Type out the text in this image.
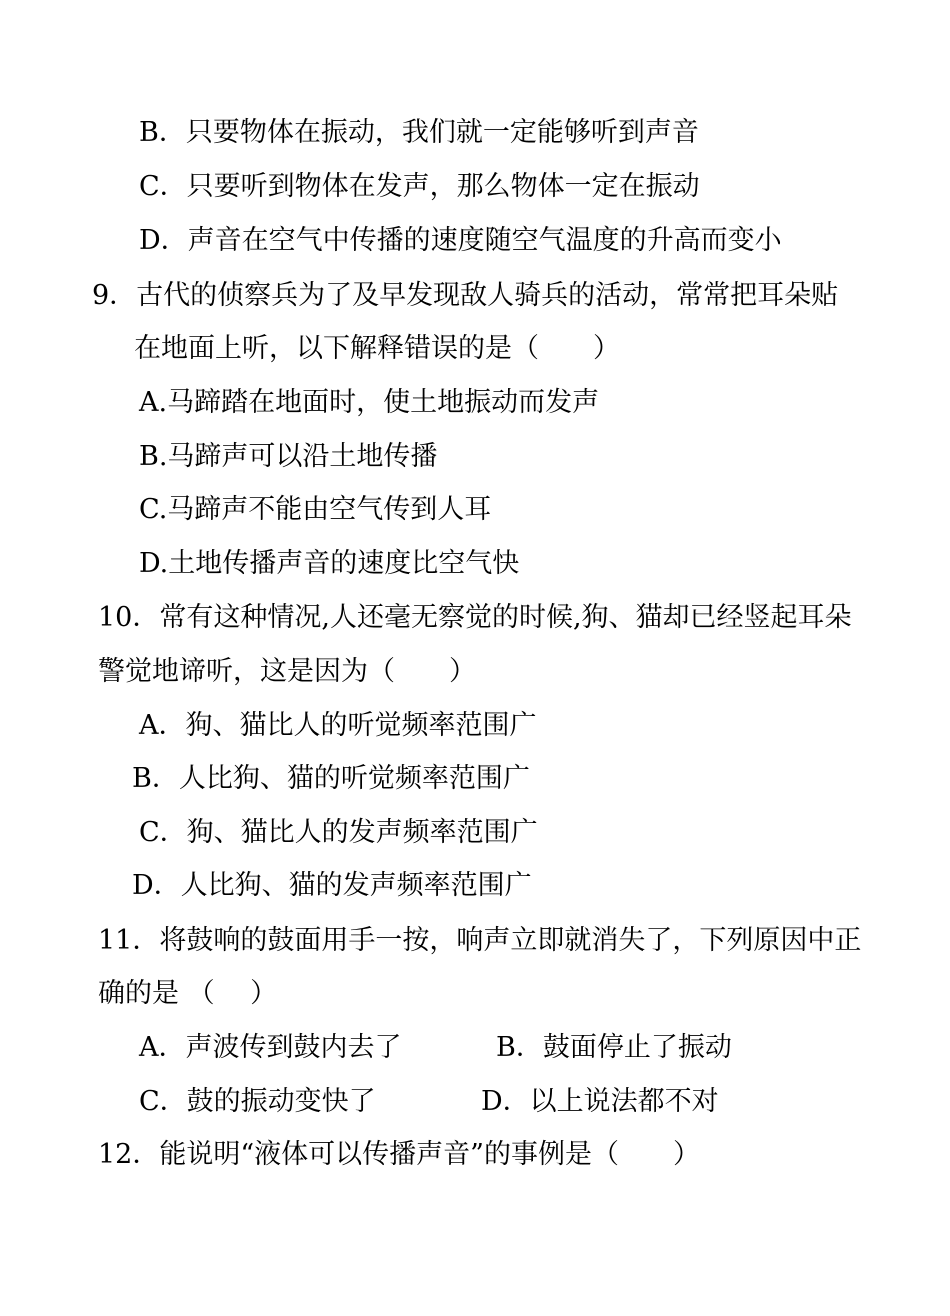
B．只要物体在振动，我们就一定能够听到声音
C．只要听到物体在发声，那么物体一定在振动
D．声音在空气中传播的速度随空气温度的升高而变小
9．古代的侦察兵为了及早发现敌人骑兵的活动，常常把耳朵贴
在地面上听，以下解释错误的是（　　）
A.马蹄踏在地面时，使土地振动而发声
B.马蹄声可以沿土地传播
C.马蹄声不能由空气传到人耳
D.土地传播声音的速度比空气快
10．常有这种情况,人还毫无察觉的时候,狗、猫却已经竖起耳朵
警觉地谛听，这是因为（　　）
A．狗、猫比人的听觉频率范围广
B．人比狗、猫的听觉频率范围广
C．狗、猫比人的发声频率范围广
D．人比狗、猫的发声频率范围广
11．将鼓响的鼓面用手一按，响声立即就消失了，下列原因中正
确的是 （　 ）
A．声波传到鼓内去了	B．鼓面停止了振动
C．鼓的振动变快了	D．以上说法都不对
12．能说明“液体可以传播声音”的事例是（　　）
